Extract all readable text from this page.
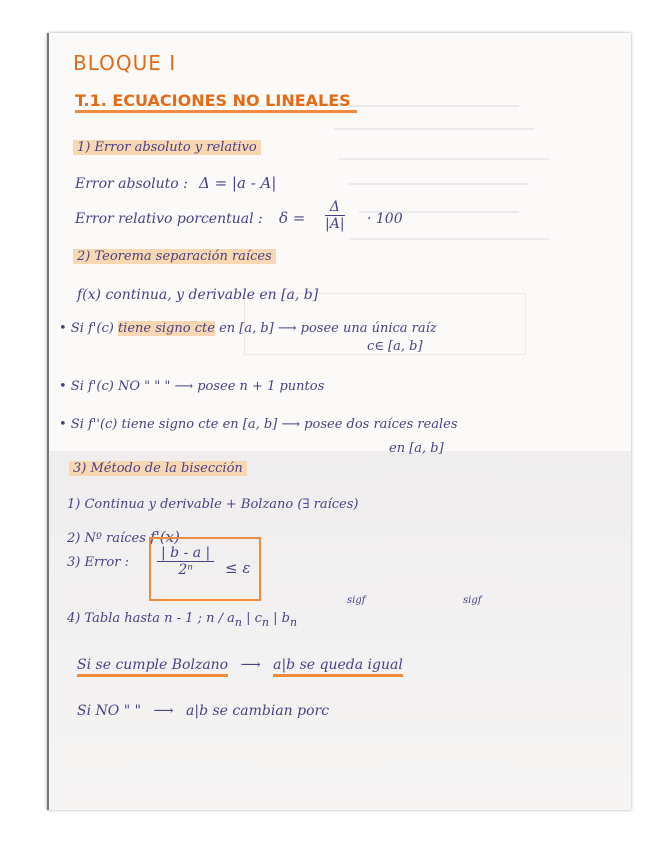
BLOQUE I
T.1. ECUACIONES NO LINEALES
1) Error absoluto y relativo
Error absoluto : Δ = |a - A|
Error relativo porcentual : $\delta = \frac{\Delta}{|A|} \cdot 100$
2) Teorema separación raíces
f(x) continua, y derivable en [a, b]
• Si f'(c) tiene signo cte en [a, b] ⟶ posee una única raíz
c∈ [a, b]
• Si f'(c) NO " " " ⟶ posee n + 1 puntos
• Si f''(c) tiene signo cte en [a, b] ⟶ posee dos raíces reales
en [a, b]
3) Método de la bisección
1) Continua y derivable + Bolzano (∃ raíces)
2) Nº raíces f'(x)
3) Error : $\frac{| b - a |}{\text{2ⁿ}} \le \varepsilon$
sigf	sigf
4) Tabla hasta n - 1 ; n / $a_n$ | $c_n$ | $b_n$
Si se cumple Bolzano ⟶ a|b se queda igual
Si NO " " ⟶ a|b se cambian porc
